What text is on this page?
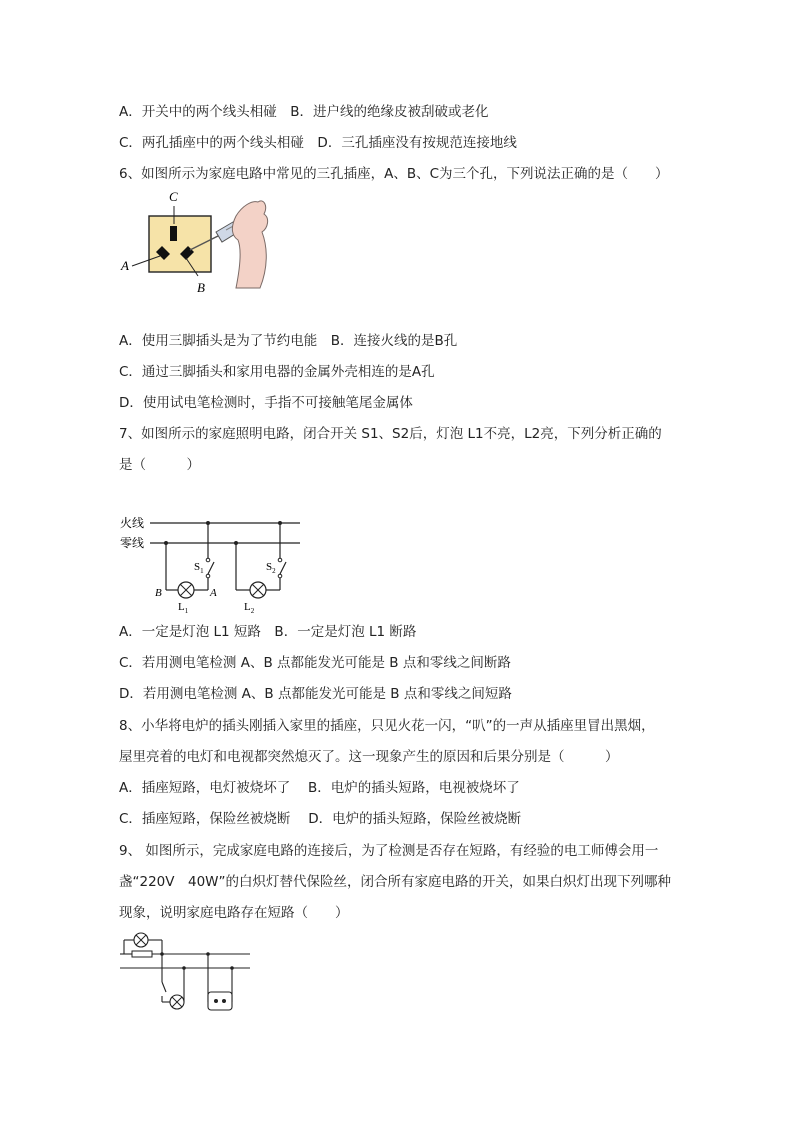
A．开关中的两个线头相碰　B．进户线的绝缘皮被刮破或老化
C．两孔插座中的两个线头相碰　D．三孔插座没有按规范连接地线
6、如图所示为家庭电路中常见的三孔插座，A、B、C为三个孔，下列说法正确的是（　　）
C
A
B
A．使用三脚插头是为了节约电能　B．连接火线的是B孔
C．通过三脚插头和家用电器的金属外壳相连的是A孔
D．使用试电笔检测时，手指不可接触笔尾金属体
7、如图所示的家庭照明电路，闭合开关 S1、S2后，灯泡 L1不亮，L2亮，下列分析正确的
是（　　　）
火线
零线
$S_1$
B	A
$L_1$
$S_2$
$L_2$
A．一定是灯泡 L1 短路　B．一定是灯泡 L1 断路
C．若用测电笔检测 A、B 点都能发光可能是 B 点和零线之间断路
D．若用测电笔检测 A、B 点都能发光可能是 B 点和零线之间短路
8、小华将电炉的插头刚插入家里的插座，只见火花一闪，“叭”的一声从插座里冒出黑烟，
屋里亮着的电灯和电视都突然熄灭了。这一现象产生的原因和后果分别是（　　　）
A．插座短路，电灯被烧坏了　 B．电炉的插头短路，电视被烧坏了
C．插座短路，保险丝被烧断　 D．电炉的插头短路，保险丝被烧断
9、 如图所示，完成家庭电路的连接后，为了检测是否存在短路，有经验的电工师傅会用一
盏“220V　40W”的白炽灯替代保险丝，闭合所有家庭电路的开关，如果白炽灯出现下列哪种
现象，说明家庭电路存在短路（　　）
